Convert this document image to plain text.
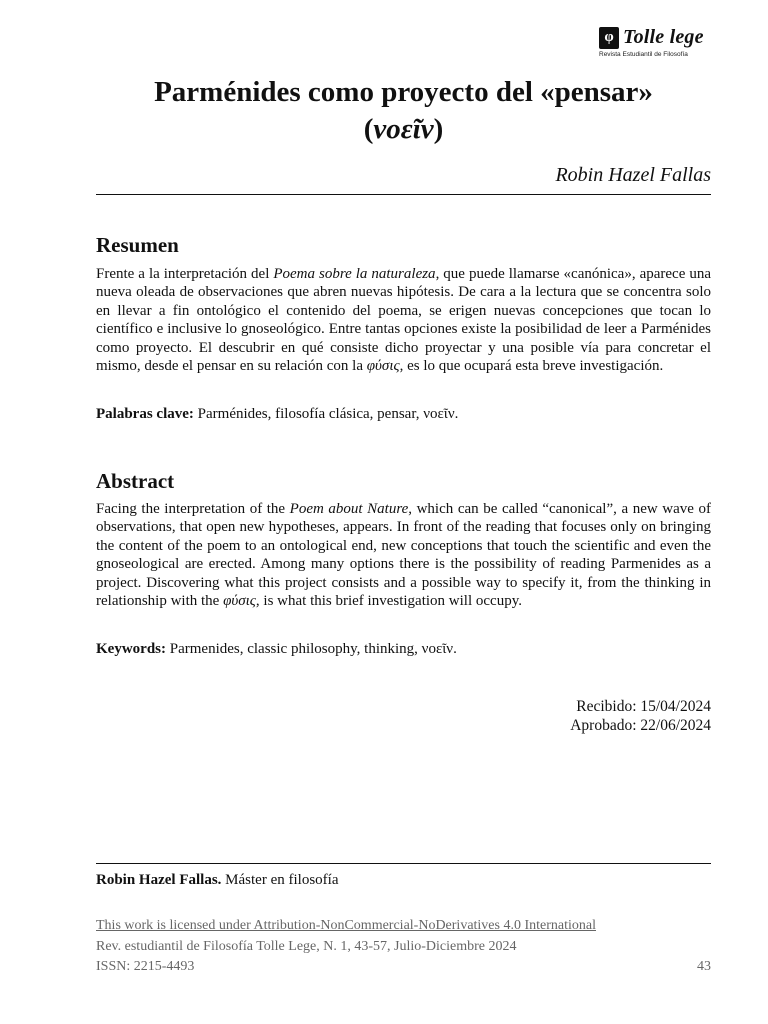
φ Tolle lege
Revista Estudiantil de Filosofía
Parménides como proyecto del «pensar»
(νοεῖν)
Robin Hazel Fallas
Resumen
Frente a la interpretación del Poema sobre la naturaleza, que puede llamarse «canónica», aparece una nueva oleada de observaciones que abren nuevas hipótesis. De cara a la lectura que se concentra solo en llevar a fin ontológico el contenido del poema, se erigen nuevas concepciones que tocan lo científico e inclusive lo gnoseológico. Entre tantas opciones existe la posibilidad de leer a Parménides como proyecto. El descubrir en qué consiste dicho proyectar y una posible vía para concretar el mismo, desde el pensar en su relación con la φύσις, es lo que ocupará esta breve investigación.
Palabras clave: Parménides, filosofía clásica, pensar, νοεῖν.
Abstract
Facing the interpretation of the Poem about Nature, which can be called “canonical”, a new wave of observations, that open new hypotheses, appears. In front of the reading that focuses only on bringing the content of the poem to an ontological end, new conceptions that touch the scientific and even the gnoseological are erected. Among many options there is the possibility of reading Parmenides as a project. Discovering what this project consists and a possible way to specify it, from the thinking in relationship with the φύσις, is what this brief investigation will occupy.
Keywords: Parmenides, classic philosophy, thinking, νοεῖν.
Recibido: 15/04/2024
Aprobado: 22/06/2024
Robin Hazel Fallas. Máster en filosofía
This work is licensed under Attribution-NonCommercial-NoDerivatives 4.0 International
Rev. estudiantil de Filosofía Tolle Lege, N. 1, 43-57, Julio-Diciembre 2024
ISSN: 2215-4493	43
